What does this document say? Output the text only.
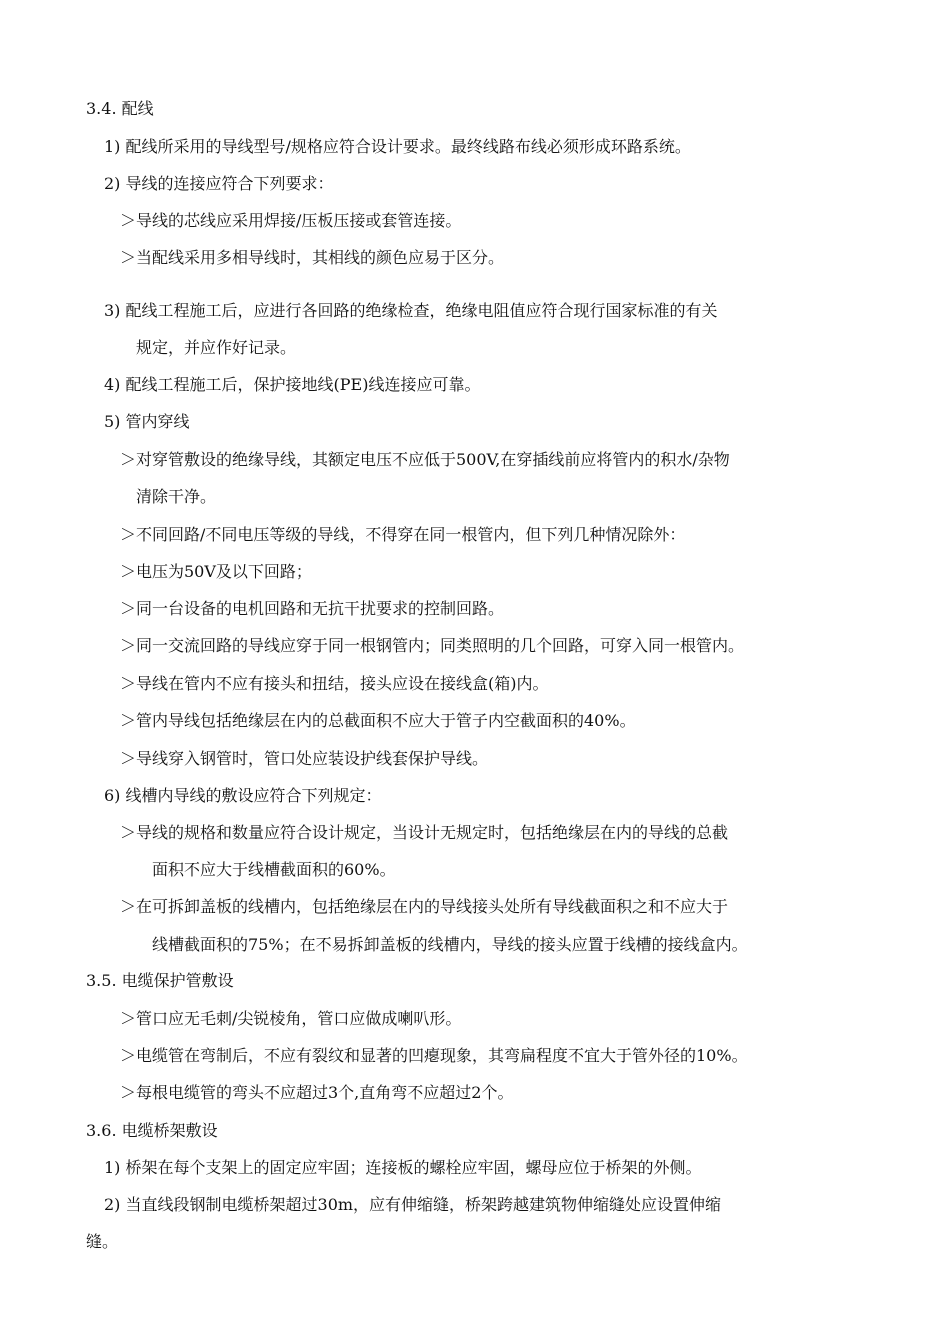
3.4. 配线
1) 配线所采用的导线型号/规格应符合设计要求。最终线路布线必须形成环路系统。
2) 导线的连接应符合下列要求：
＞导线的芯线应采用焊接/压板压接或套管连接。
＞当配线采用多相导线时，其相线的颜色应易于区分。
3) 配线工程施工后，应进行各回路的绝缘检查，绝缘电阻值应符合现行国家标准的有关
规定，并应作好记录。
4) 配线工程施工后，保护接地线(PE)线连接应可靠。
5) 管内穿线
＞对穿管敷设的绝缘导线，其额定电压不应低于500V,在穿插线前应将管内的积水/杂物
清除干净。
＞不同回路/不同电压等级的导线，不得穿在同一根管内，但下列几种情况除外：
＞电压为50V及以下回路；
＞同一台设备的电机回路和无抗干扰要求的控制回路。
＞同一交流回路的导线应穿于同一根钢管内；同类照明的几个回路，可穿入同一根管内。
＞导线在管内不应有接头和扭结，接头应设在接线盒(箱)内。
＞管内导线包括绝缘层在内的总截面积不应大于管子内空截面积的40%。
＞导线穿入钢管时，管口处应装设护线套保护导线。
6) 线槽内导线的敷设应符合下列规定：
＞导线的规格和数量应符合设计规定，当设计无规定时，包括绝缘层在内的导线的总截
面积不应大于线槽截面积的60%。
＞在可拆卸盖板的线槽内，包括绝缘层在内的导线接头处所有导线截面积之和不应大于
线槽截面积的75%；在不易拆卸盖板的线槽内，导线的接头应置于线槽的接线盒内。
3.5. 电缆保护管敷设
＞管口应无毛刺/尖锐棱角，管口应做成喇叭形。
＞电缆管在弯制后，不应有裂纹和显著的凹瘪现象，其弯扁程度不宜大于管外径的10%。
＞每根电缆管的弯头不应超过3个,直角弯不应超过2个。
3.6. 电缆桥架敷设
1) 桥架在每个支架上的固定应牢固；连接板的螺栓应牢固，螺母应位于桥架的外侧。
2) 当直线段钢制电缆桥架超过30m，应有伸缩缝，桥架跨越建筑物伸缩缝处应设置伸缩
缝。
